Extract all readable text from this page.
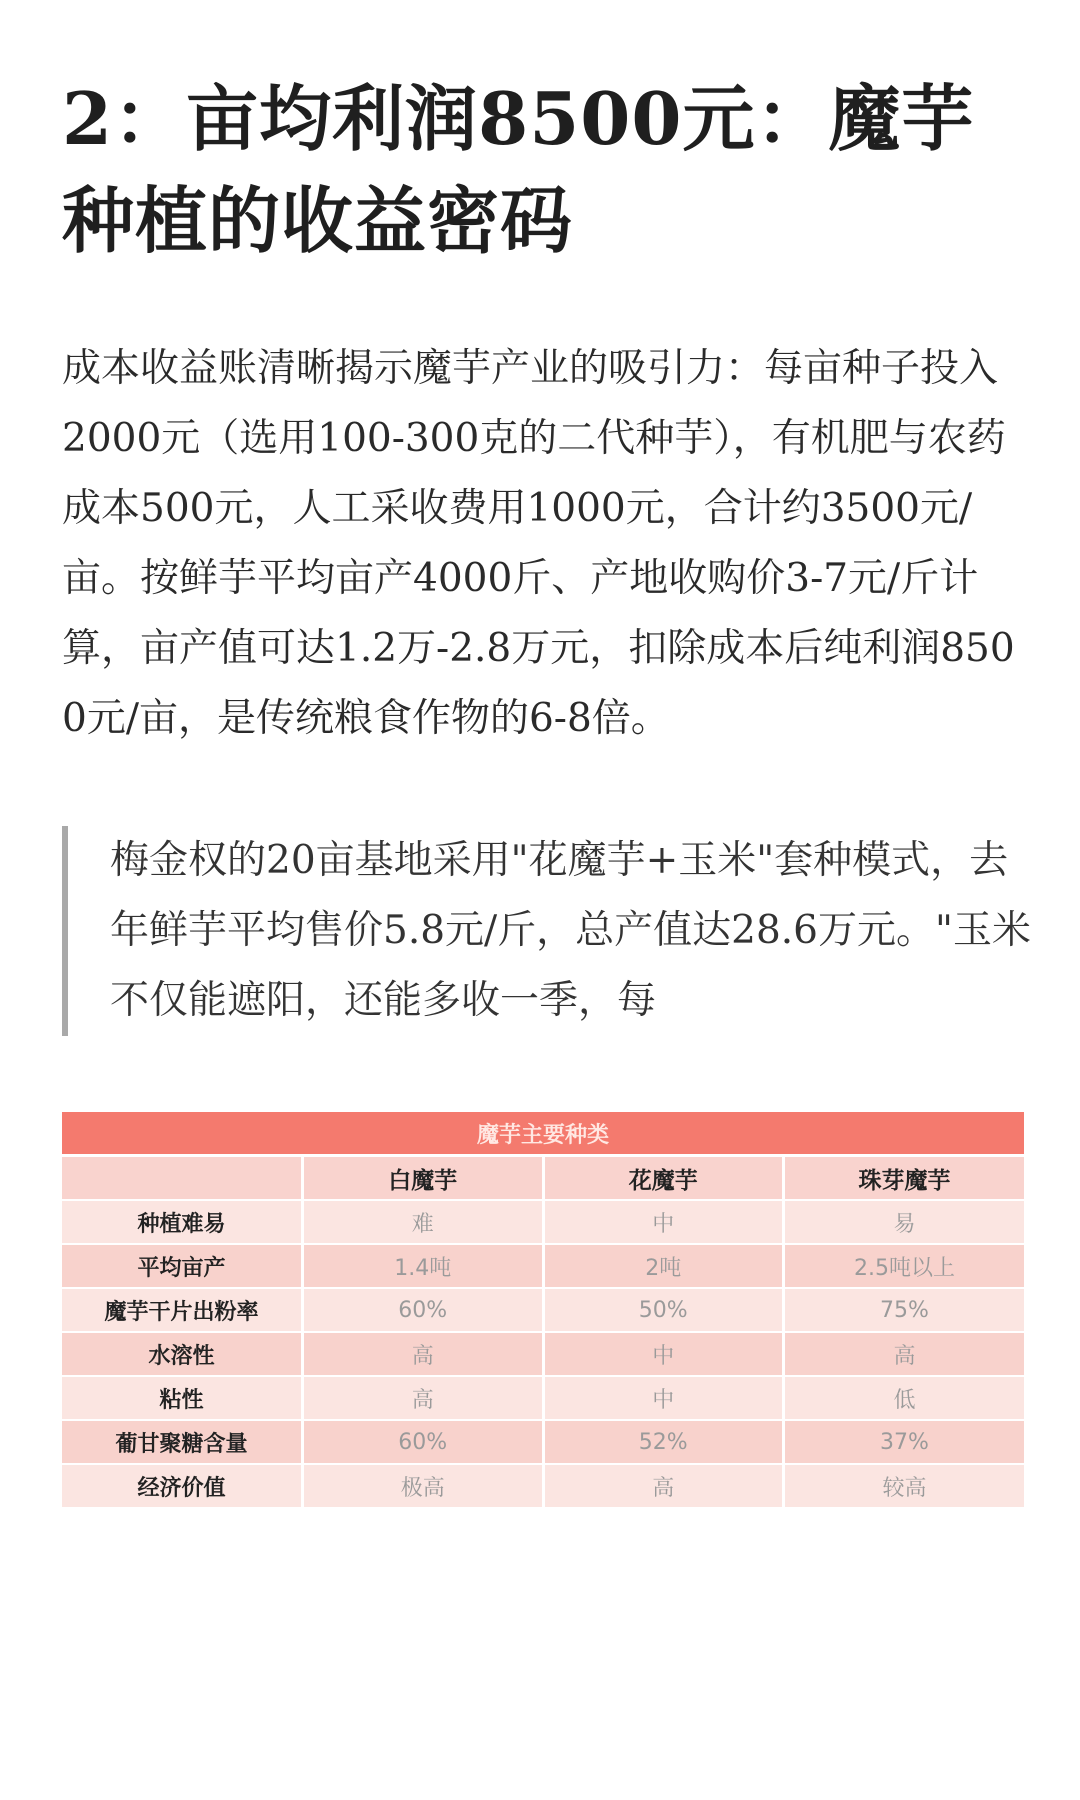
2：亩均利润8500元：魔芋种植的收益密码

成本收益账清晰揭示魔芋产业的吸引力：每亩种子投入2000元（选用100-300克的二代种芋），有机肥与农药成本500元，人工采收费用1000元，合计约3500元/亩。按鲜芋平均亩产4000斤、产地收购价3-7元/斤计算，亩产值可达1.2万-2.8万元，扣除成本后纯利润8500元/亩，是传统粮食作物的6-8倍。

梅金权的20亩基地采用"花魔芋+玉米"套种模式，去年鲜芋平均售价5.8元/斤，总产值达28.6万元。"玉米不仅能遮阳，还能多收一季，每

魔芋主要种类			
	白魔芋	花魔芋	珠芽魔芋
种植难易	难	中	易
平均亩产	1.4吨	2吨	2.5吨以上
魔芋干片出粉率	60%	50%	75%
水溶性	高	中	高
粘性	高	中	低
葡甘聚糖含量	60%	52%	37%
经济价值	极高	高	较高
